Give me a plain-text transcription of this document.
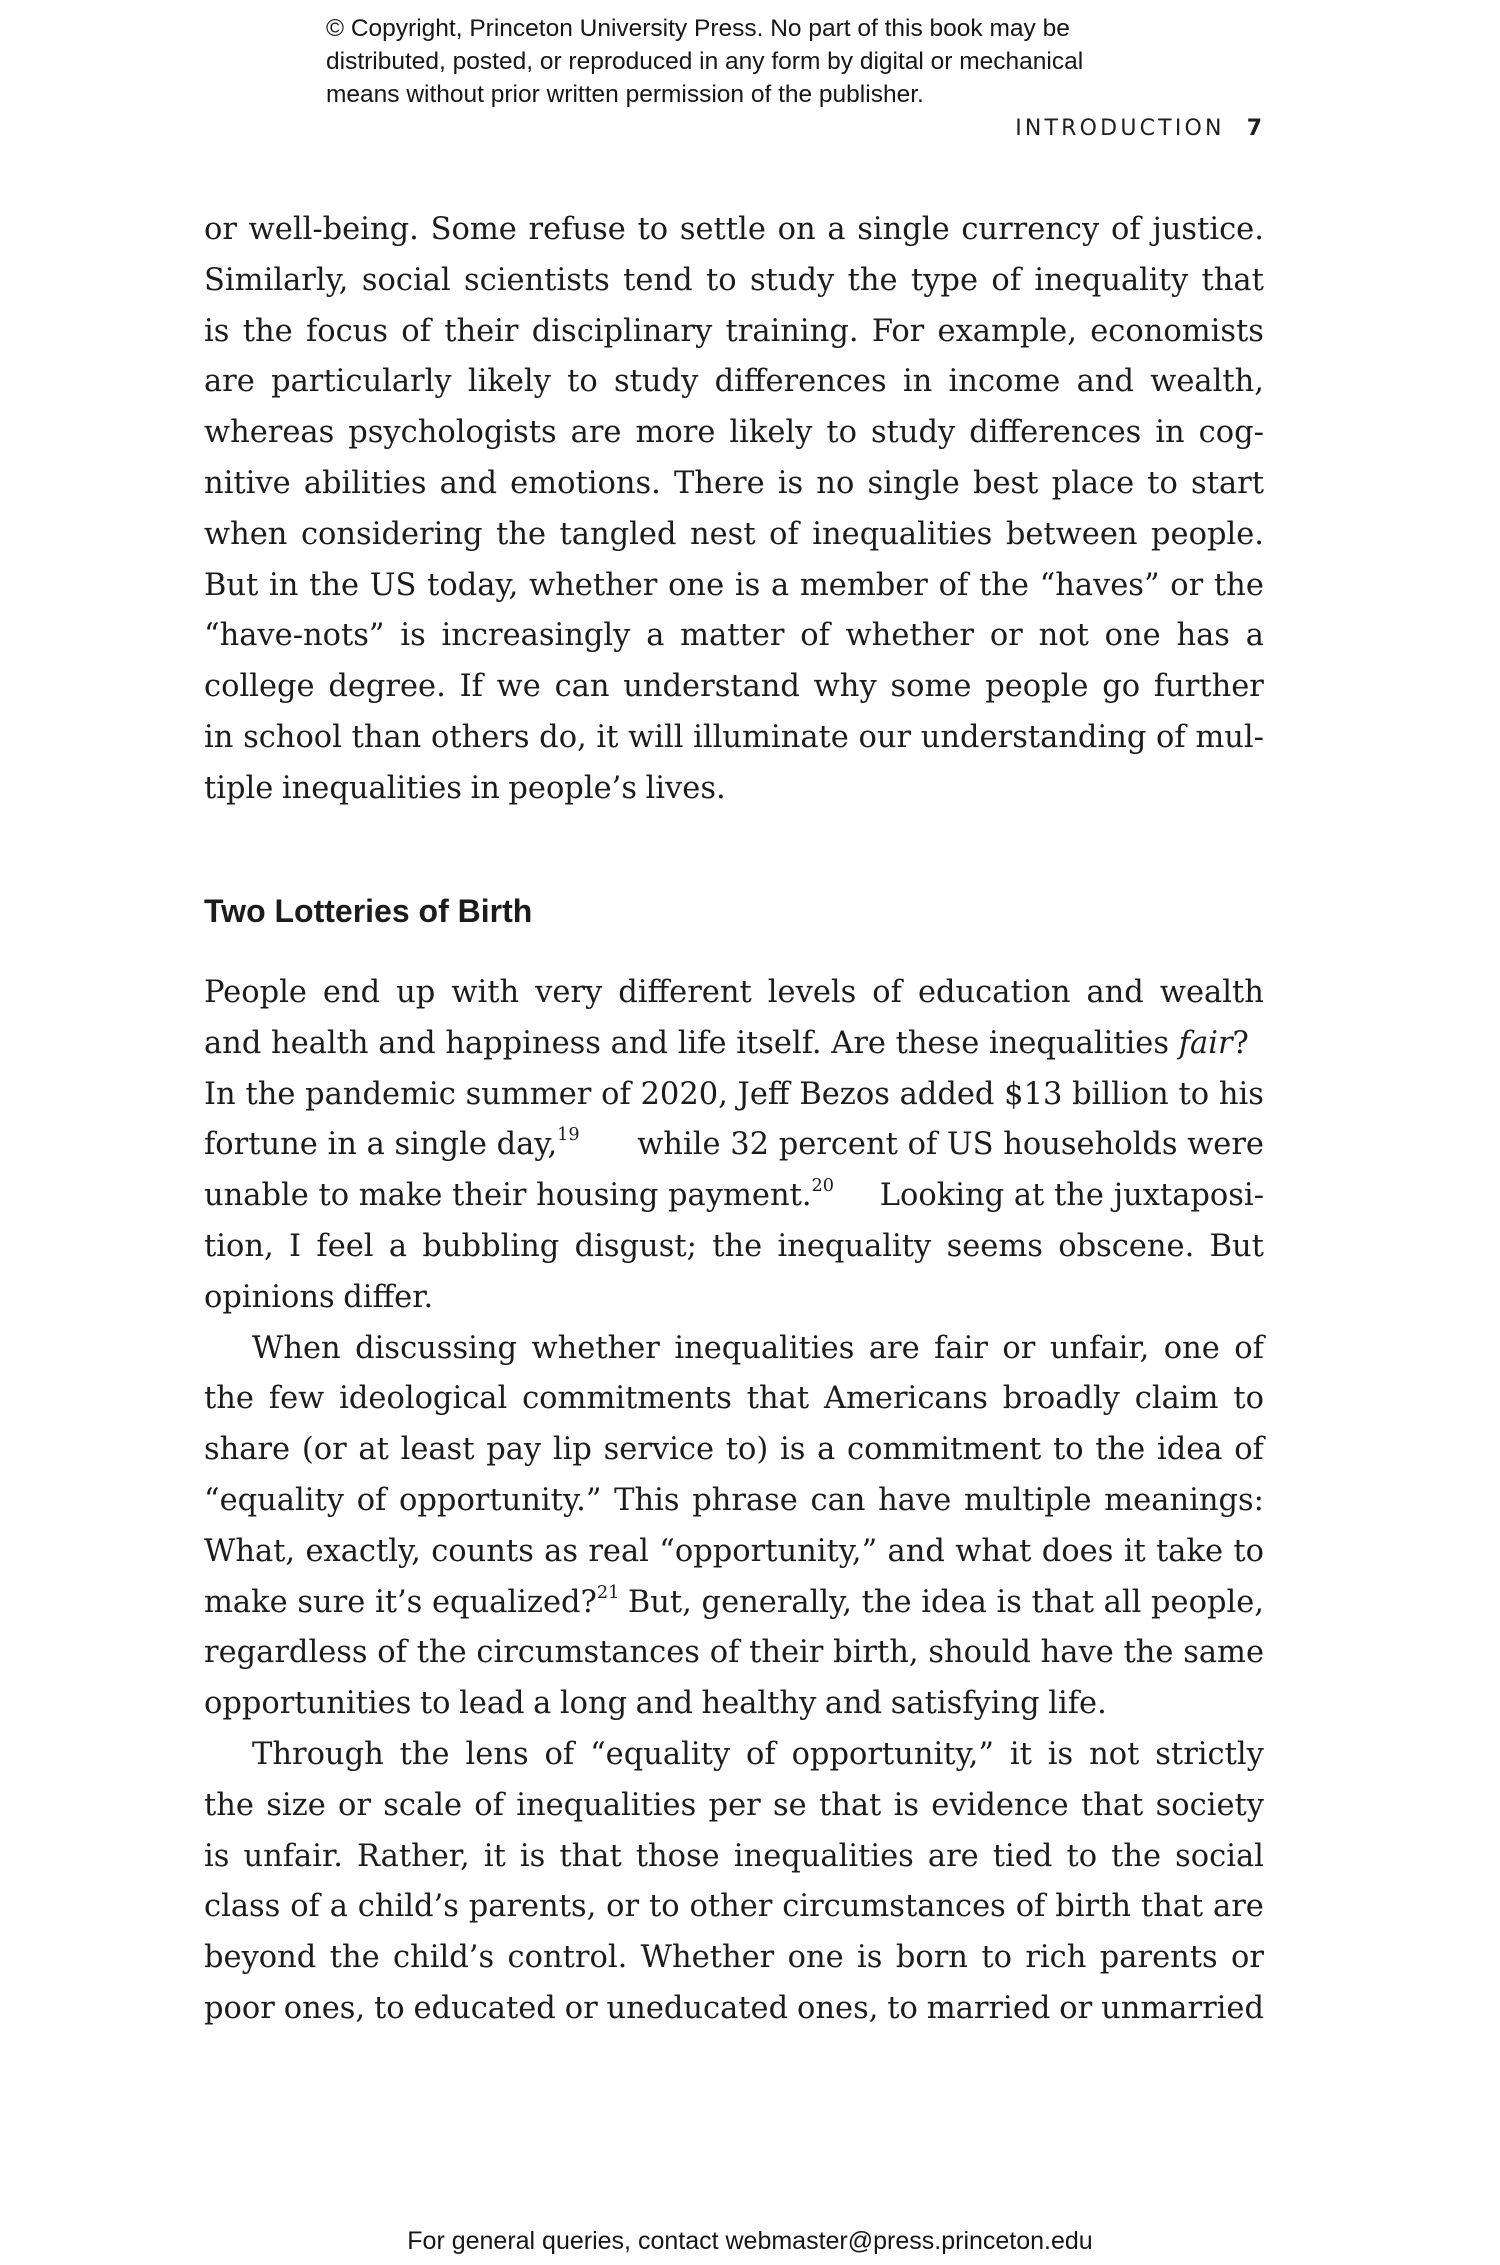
© Copyright, Princeton University Press. No part of this book may be
distributed, posted, or reproduced in any form by digital or mechanical
means without prior written permission of the publisher.
INTRODUCTION 7
or well-being. Some refuse to settle on a single currency of justice.
Similarly, social scientists tend to study the type of inequality that
is the focus of their disciplinary training. For example, economists
are particularly likely to study differences in income and wealth,
whereas psychologists are more likely to study differences in cog-
nitive abilities and emotions. There is no single best place to start
when considering the tangled nest of inequalities between people.
But in the US today, whether one is a member of the “haves” or the
“have-nots” is increasingly a matter of whether or not one has a
college degree. If we can understand why some people go further
in school than others do, it will illuminate our understanding of mul-
tiple inequalities in people’s lives.
Two Lotteries of Birth
People end up with very different levels of education and wealth
and health and happiness and life itself. Are these inequalities fair?
In the pandemic summer of 2020, Jeff Bezos added $13 billion to his
fortune in a single day,$^{19}$ while 32 percent of US households were
unable to make their housing payment.$^{20}$ Looking at the juxtaposi-
tion, I feel a bubbling disgust; the inequality seems obscene. But
opinions differ.
When discussing whether inequalities are fair or unfair, one of
the few ideological commitments that Americans broadly claim to
share (or at least pay lip service to) is a commitment to the idea of
“equality of opportunity.” This phrase can have multiple meanings:
What, exactly, counts as real “opportunity,” and what does it take to
make sure it’s equalized?$^{21}$ But, generally, the idea is that all people,
regardless of the circumstances of their birth, should have the same
opportunities to lead a long and healthy and satisfying life.
Through the lens of “equality of opportunity,” it is not strictly
the size or scale of inequalities per se that is evidence that society
is unfair. Rather, it is that those inequalities are tied to the social
class of a child’s parents, or to other circumstances of birth that are
beyond the child’s control. Whether one is born to rich parents or
poor ones, to educated or uneducated ones, to married or unmarried
For general queries, contact webmaster@press.princeton.edu
